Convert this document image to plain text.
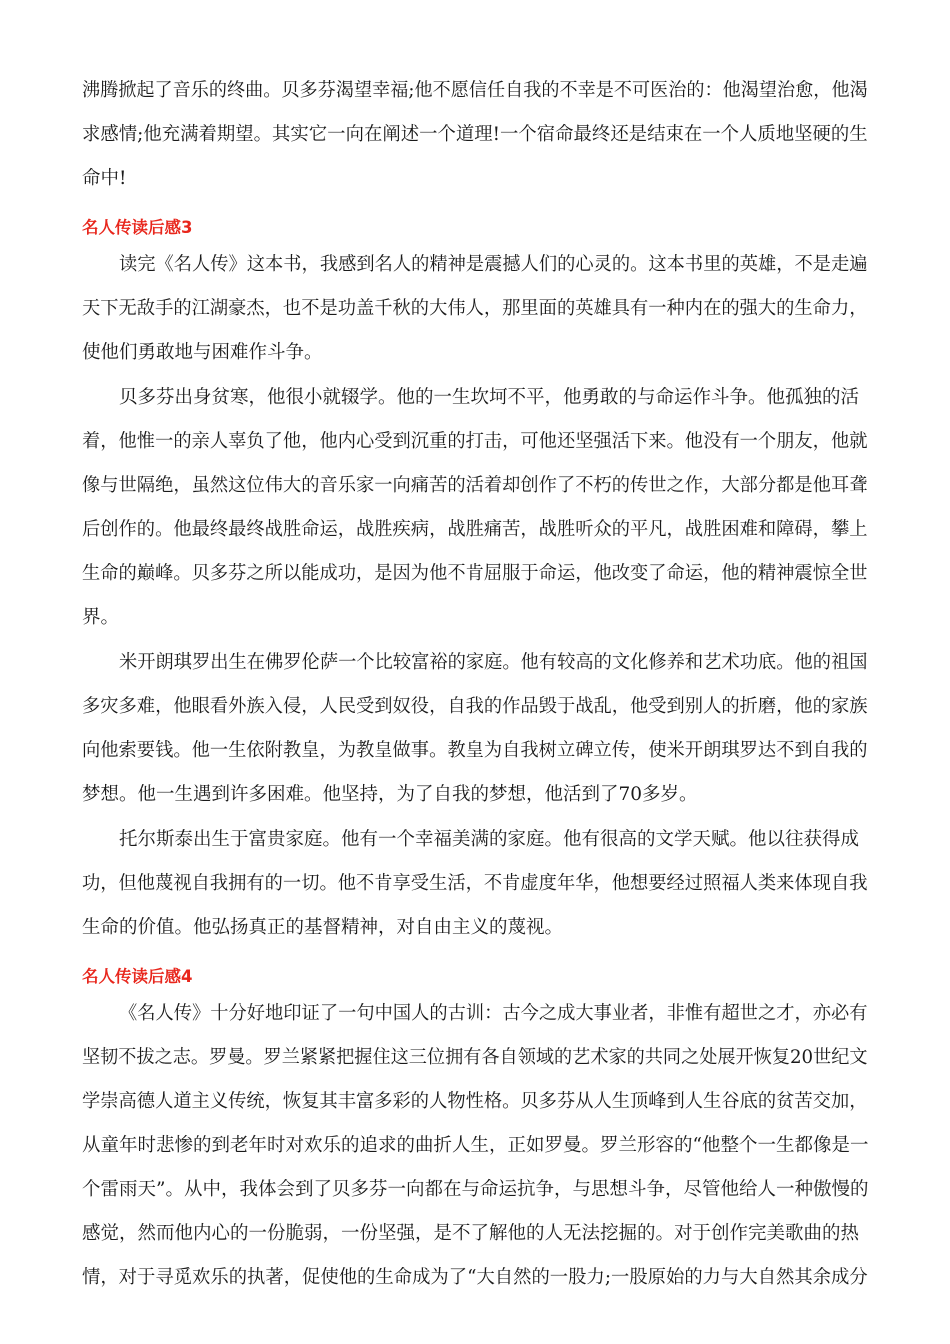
沸腾掀起了音乐的终曲。贝多芬渴望幸福;他不愿信任自我的不幸是不可医治的：他渴望治愈，他渴
求感情;他充满着期望。其实它一向在阐述一个道理!一个宿命最终还是结束在一个人质地坚硬的生
命中!
名人传读后感3
读完《名人传》这本书，我感到名人的精神是震撼人们的心灵的。这本书里的英雄，不是走遍
天下无敌手的江湖豪杰，也不是功盖千秋的大伟人，那里面的英雄具有一种内在的强大的生命力，
使他们勇敢地与困难作斗争。
贝多芬出身贫寒，他很小就辍学。他的一生坎坷不平，他勇敢的与命运作斗争。他孤独的活
着，他惟一的亲人辜负了他，他内心受到沉重的打击，可他还坚强活下来。他没有一个朋友，他就
像与世隔绝，虽然这位伟大的音乐家一向痛苦的活着却创作了不朽的传世之作，大部分都是他耳聋
后创作的。他最终最终战胜命运，战胜疾病，战胜痛苦，战胜听众的平凡，战胜困难和障碍，攀上
生命的巅峰。贝多芬之所以能成功，是因为他不肯屈服于命运，他改变了命运，他的精神震惊全世
界。
米开朗琪罗出生在佛罗伦萨一个比较富裕的家庭。他有较高的文化修养和艺术功底。他的祖国
多灾多难，他眼看外族入侵，人民受到奴役，自我的作品毁于战乱，他受到别人的折磨，他的家族
向他索要钱。他一生依附教皇，为教皇做事。教皇为自我树立碑立传，使米开朗琪罗达不到自我的
梦想。他一生遇到许多困难。他坚持，为了自我的梦想，他活到了70多岁。
托尔斯泰出生于富贵家庭。他有一个幸福美满的家庭。他有很高的文学天赋。他以往获得成
功，但他蔑视自我拥有的一切。他不肯享受生活，不肯虚度年华，他想要经过照福人类来体现自我
生命的价值。他弘扬真正的基督精神，对自由主义的蔑视。
名人传读后感4
《名人传》十分好地印证了一句中国人的古训：古今之成大事业者，非惟有超世之才，亦必有
坚韧不拔之志。罗曼。罗兰紧紧把握住这三位拥有各自领域的艺术家的共同之处展开恢复20世纪文
学崇高德人道主义传统，恢复其丰富多彩的人物性格。贝多芬从人生顶峰到人生谷底的贫苦交加，
从童年时悲惨的到老年时对欢乐的追求的曲折人生，正如罗曼。罗兰形容的“他整个一生都像是一
个雷雨天”。从中，我体会到了贝多芬一向都在与命运抗争，与思想斗争，尽管他给人一种傲慢的
感觉，然而他内心的一份脆弱，一份坚强，是不了解他的人无法挖掘的。对于创作完美歌曲的热
情，对于寻觅欢乐的执著，促使他的生命成为了“大自然的一股力;一股原始的力与大自然其余成分
